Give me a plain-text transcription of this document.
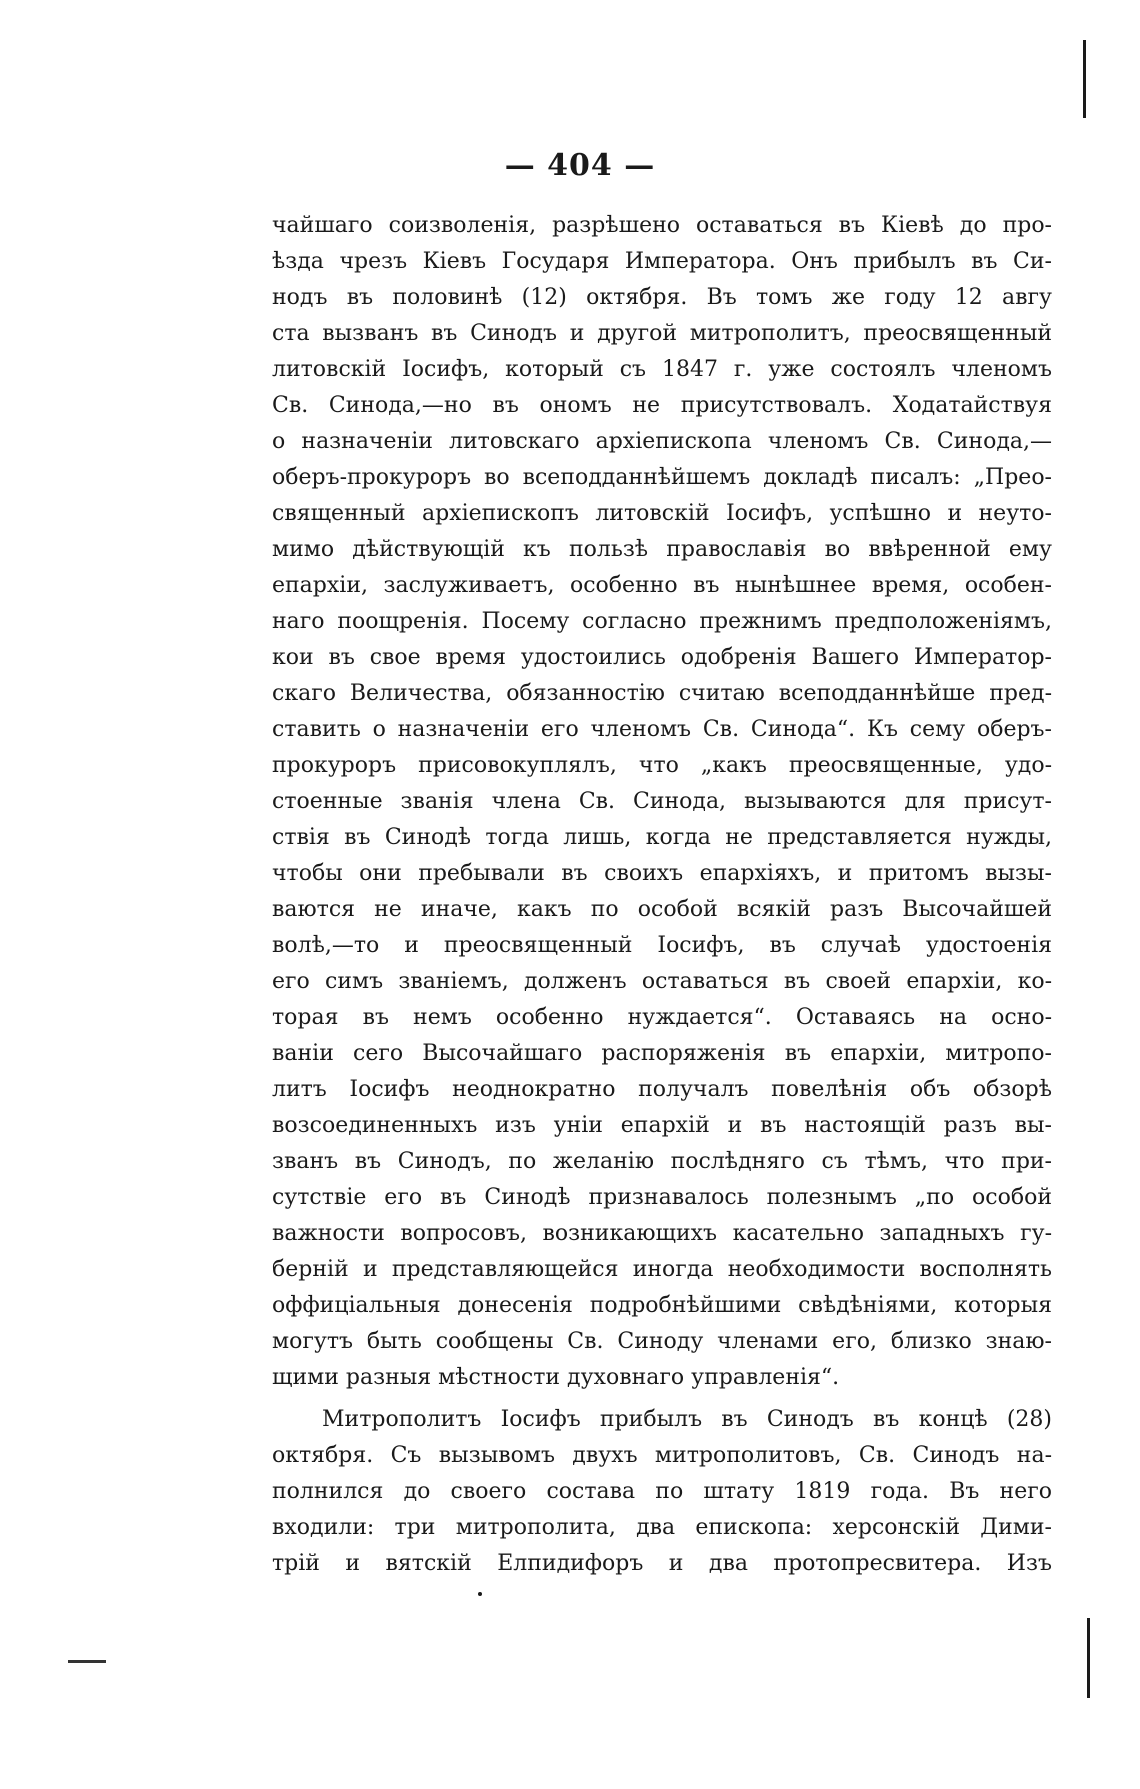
— 404 —
чайшаго соизволенія, разрѣшено оставаться въ Кіевѣ до про-
ѣзда чрезъ Кіевъ Государя Императора. Онъ прибылъ въ Си-
нодъ въ половинѣ (12) октября. Въ томъ же году 12 авгу
ста вызванъ въ Синодъ и другой митрополитъ, преосвященный
литовскій Іосифъ, который съ 1847 г. уже состоялъ членомъ
Св. Синода,—но въ ономъ не присутствовалъ. Ходатайствуя
о назначеніи литовскаго архіепископа членомъ Св. Синода,—
оберъ-прокуроръ во всеподданнѣйшемъ докладѣ писалъ: „Прео-
священный архіепископъ литовскій Іосифъ, успѣшно и неуто-
мимо дѣйствующій къ пользѣ православія во ввѣренной ему
епархіи, заслуживаетъ, особенно въ нынѣшнее время, особен-
наго поощренія. Посему согласно прежнимъ предположеніямъ,
кои въ свое время удостоились одобренія Вашего Император-
скаго Величества, обязанностію считаю всеподданнѣйше пред-
ставить о назначеніи его членомъ Св. Синода“. Къ сему оберъ-
прокуроръ присовокуплялъ, что „какъ преосвященные, удо-
стоенные званія члена Св. Синода, вызываются для присут-
ствія въ Синодѣ тогда лишь, когда не представляется нужды,
чтобы они пребывали въ своихъ епархіяхъ, и притомъ вызы-
ваются не иначе, какъ по особой всякій разъ Высочайшей
волѣ,—то и преосвященный Іосифъ, въ случаѣ удостоенія
его симъ званіемъ, долженъ оставаться въ своей епархіи, ко-
торая въ немъ особенно нуждается“. Оставаясь на осно-
ваніи сего Высочайшаго распоряженія въ епархіи, митропо-
литъ Іосифъ неоднократно получалъ повелѣнія объ обзорѣ
возсоединенныхъ изъ уніи епархій и въ настоящій разъ вы-
званъ въ Синодъ, по желанію послѣдняго съ тѣмъ, что при-
сутствіе его въ Синодѣ признавалось полезнымъ „по особой
важности вопросовъ, возникающихъ касательно западныхъ гу-
берній и представляющейся иногда необходимости восполнять
оффиціальныя донесенія подробнѣйшими свѣдѣніями, которыя
могутъ быть сообщены Св. Синоду членами его, близко знаю-
щими разныя мѣстности духовнаго управленія“.
Митрополитъ Іосифъ прибылъ въ Синодъ въ концѣ (28)
октября. Съ вызывомъ двухъ митрополитовъ, Св. Синодъ на-
полнился до своего состава по штату 1819 года. Въ него
входили: три митрополита, два епископа: херсонскій Дими-
трій и вятскій Елпидифоръ и два протопресвитера. Изъ
